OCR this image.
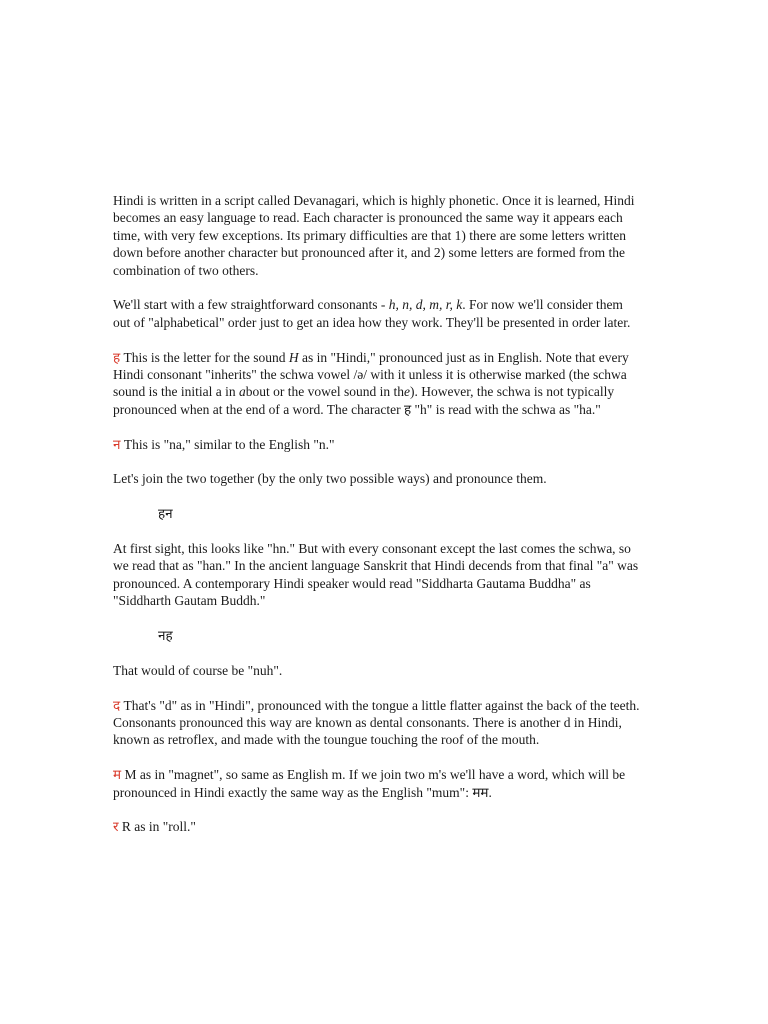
Hindi is written in a script called Devanagari, which is highly phonetic. Once it is learned, Hindi becomes an easy language to read. Each character is pronounced the same way it appears each time, with very few exceptions. Its primary difficulties are that 1) there are some letters written down before another character but pronounced after it, and 2) some letters are formed from the combination of two others.

We'll start with a few straightforward consonants - h, n, d, m, r, k. For now we'll consider them out of "alphabetical" order just to get an idea how they work. They'll be presented in order later.

ह This is the letter for the sound H as in "Hindi," pronounced just as in English. Note that every Hindi consonant "inherits" the schwa vowel /ə/ with it unless it is otherwise marked (the schwa sound is the initial a in about or the vowel sound in the). However, the schwa is not typically pronounced when at the end of a word. The character ह "h" is read with the schwa as "ha."

न This is "na," similar to the English "n."

Let's join the two together (by the only two possible ways) and pronounce them.

हन

At first sight, this looks like "hn." But with every consonant except the last comes the schwa, so we read that as "han." In the ancient language Sanskrit that Hindi decends from that final "a" was pronounced. A contemporary Hindi speaker would read "Siddharta Gautama Buddha" as "Siddharth Gautam Buddh."

नह

That would of course be "nuh".

द That's "d" as in "Hindi", pronounced with the tongue a little flatter against the back of the teeth. Consonants pronounced this way are known as dental consonants. There is another d in Hindi, known as retroflex, and made with the toungue touching the roof of the mouth.

म M as in "magnet", so same as English m. If we join two m's we'll have a word, which will be pronounced in Hindi exactly the same way as the English "mum": मम.

र R as in "roll."
